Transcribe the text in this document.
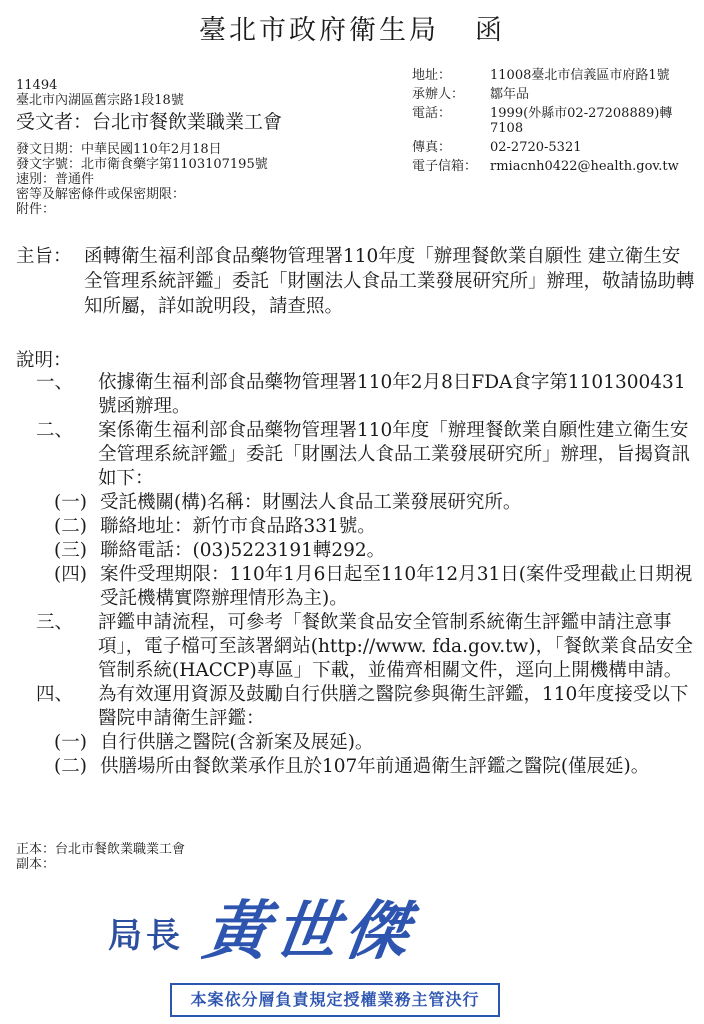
臺北市政府衛生局 函
11494
臺北市內湖區舊宗路1段18號
受文者：台北市餐飲業職業工會
發文日期：中華民國110年2月18日
發文字號：北市衛食藥字第1103107195號
速別：普通件
密等及解密條件或保密期限：
附件：
地址：	11008臺北市信義區市府路1號
承辦人：	鄒年品
電話：	1999(外縣市02-27208889)轉7108
傳真：	02-2720-5321
電子信箱： rmiacnh0422@health.gov.tw
主旨： 函轉衛生福利部食品藥物管理署110年度「辦理餐飲業自願性 建立衛生安全管理系統評鑑」委託「財團法人食品工業發展研究所」辦理，敬請協助轉知所屬，詳如說明段，請查照。
說明：
一、 依據衛生福利部食品藥物管理署110年2月8日FDA食字第1101300431號函辦理。
二、 案係衛生福利部食品藥物管理署110年度「辦理餐飲業自願性建立衛生安全管理系統評鑑」委託「財團法人食品工業發展研究所」辦理，旨揭資訊如下：
(一) 受託機關(構)名稱：財團法人食品工業發展研究所。
(二) 聯絡地址：新竹市食品路331號。
(三) 聯絡電話：(03)5223191轉292。
(四) 案件受理期限：110年1月6日起至110年12月31日(案件受理截止日期視受託機構實際辦理情形為主)。
三、 評鑑申請流程，可參考「餐飲業食品安全管制系統衛生評鑑申請注意事項」，電子檔可至該署網站(http://www. fda.gov.tw)，「餐飲業食品安全管制系統(HACCP)專區」下載，並備齊相關文件，逕向上開機構申請。
四、 為有效運用資源及鼓勵自行供膳之醫院參與衛生評鑑，110年度接受以下醫院申請衛生評鑑：
(一) 自行供膳之醫院(含新案及展延)。
(二) 供膳場所由餐飲業承作且於107年前通過衛生評鑑之醫院(僅展延)。
正本：台北市餐飲業職業工會
副本：
局長 黃世傑
本案依分層負責規定授權業務主管決行
